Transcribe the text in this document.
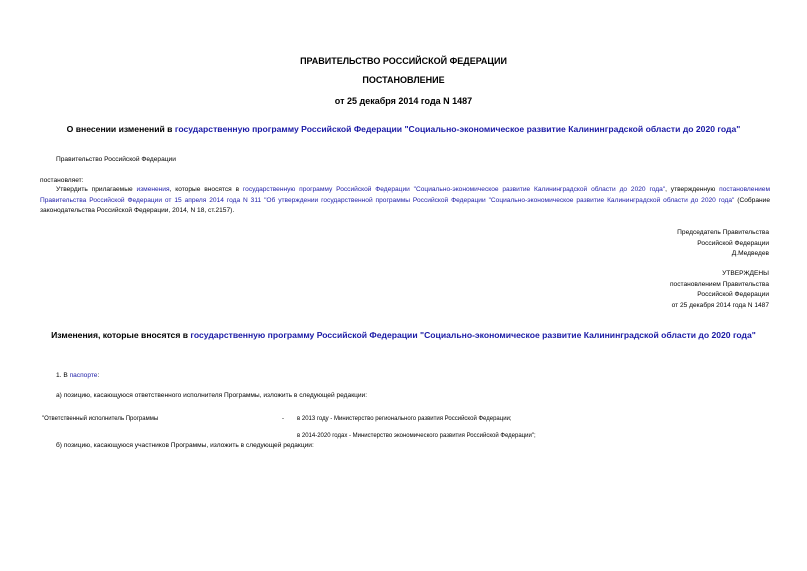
ПРАВИТЕЛЬСТВО РОССИЙСКОЙ ФЕДЕРАЦИИ
ПОСТАНОВЛЕНИЕ
от 25 декабря 2014 года N 1487
О внесении изменений в государственную программу Российской Федерации "Социально-экономическое развитие Калининградской области до 2020 года"
Правительство Российской Федерации
постановляет:
Утвердить прилагаемые изменения, которые вносятся в государственную программу Российской Федерации "Социально-экономическое развитие Калининградской области до 2020 года", утвержденную постановлением Правительства Российской Федерации от 15 апреля 2014 года N 311 "Об утверждении государственной программы Российской Федерации "Социально-экономическое развитие Калининградской области до 2020 года" (Собрание законодательства Российской Федерации, 2014, N 18, ст.2157).
Председатель Правительства
Российской Федерации
Д.Медведев
УТВЕРЖДЕНЫ
постановлением Правительства
Российской Федерации
от 25 декабря 2014 года N 1487
Изменения, которые вносятся в государственную программу Российской Федерации "Социально-экономическое развитие Калининградской области до 2020 года"
1. В паспорте:
а) позицию, касающуюся ответственного исполнителя Программы, изложить в следующей редакции:
"Ответственный исполнитель Программы	- в 2013 году - Министерство регионального развития Российской Федерации;
в 2014-2020 годах - Министерство экономического развития Российской Федерации";
б) позицию, касающуюся участников Программы, изложить в следующей редакции:
